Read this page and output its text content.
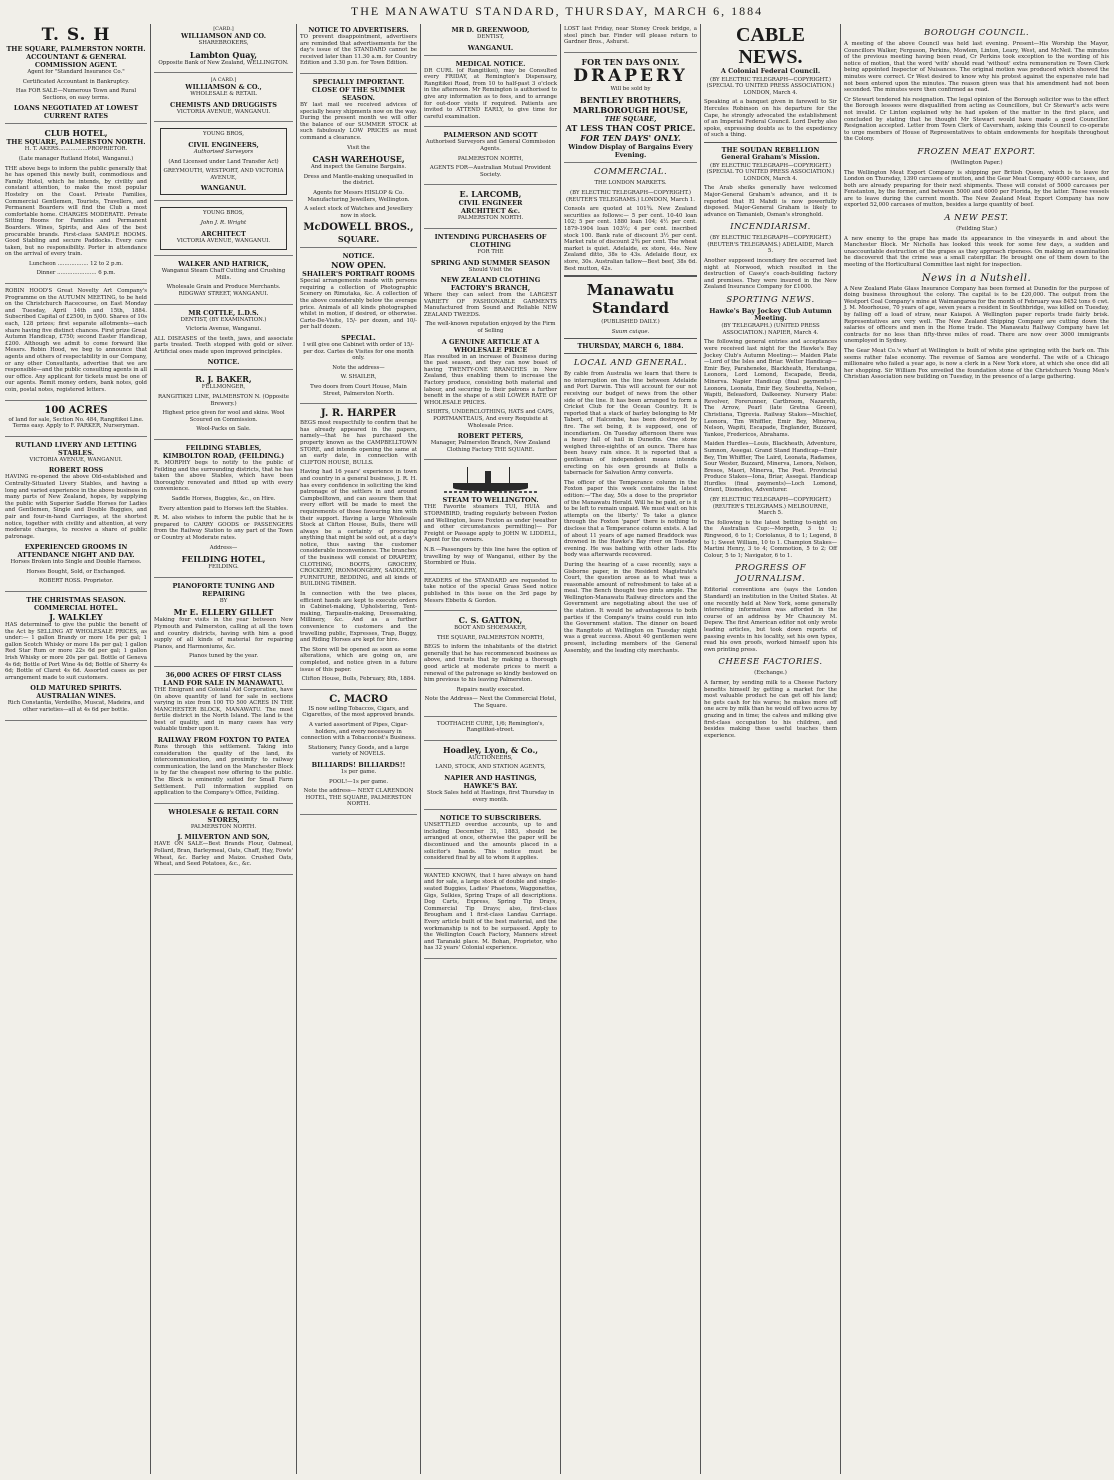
THE MANAWATU STANDARD, THURSDAY, MARCH 6, 1884
T. S. H
THE SQUARE, PALMERSTON NORTH.
ACCOUNTANT & GENERAL COMMISSION AGENT.
Agent for "Standard Insurance Co."
Certificated Accountant in Bankruptcy.
Has FOR SALE—Numerous Town and Rural Sections, on easy terms.
LOANS NEGOTIATED AT LOWEST CURRENT RATES
CLUB HOTEL,
THE SQUARE, PALMERSTON NORTH.
H. T. AKERS.................PROPRIETOR.
(Late manager Rutland Hotel, Wanganui.)
THE above begs to inform the public generally that he has opened this newly built, commodious and Family Hotel, which he intends, by civility and constant attention, to make the most popular Hostelry on the Coast. Private Families, Commercial Gentlemen, Tourists, Travellers, and Permanent Boarders will find the Club a most comfortable home. CHARGES MODERATE. Private Sitting Rooms for Families and Permanent Boarders. Wines, Spirits, and Ales of the best procurable brands. First-class SAMPLE ROOMS. Good Stabling and secure Paddocks. Every care taken, but no responsibility. Porter in attendance on the arrival of every train.
Luncheon .................. 12 to 2 p.m.
Dinner ....................... 6 p.m.
ROBIN HOOD'S Great Novelty Art Company's Programme on the AUTUMN MEETING, to be held on the Christchurch Racecourse, on East Monday and Tuesday, April 14th and 15th, 1884. Subscribed Capital of £2500, in 5/00. Shares of 10s each, 128 prizes; first separate allotments—each share having five distinct chances. First prize Great Autumn Handicap, £750; second Easter Handicap, £200. Although we admit to come forward like Messrs. Robin Hood, we beg to announce that agents and others of respectability in our Company, or any other Consultants, advertise that we are responsible—and the public consulting agents in all our office. Any applicant for tickets must be one of our agents. Remit money orders, bank notes, gold coin, postal notes, registered letters.
100 ACRES
of land for sale, Section No. 484, Rangitikei Line. Terms easy. Apply to F. PARKER, Nurseryman.
RUTLAND LIVERY AND LETTING STABLES.
VICTORIA AVENUE, WANGANUI.
ROBERT ROSS
HAVING re-opened the above Old-established and Centrally-Situated Livery Stables, and having a long and varied experience in the above business in many parts of New Zealand, hopes, by supplying the public with Superior Saddle Horses for Ladies and Gentlemen, Single and Double Buggies, and pair and four-in-hand Carriages, at the shortest notice, together with civility and attention, at very moderate charges, to receive a share of public patronage.
EXPERIENCED GROOMS IN ATTENDANCE NIGHT AND DAY.
Horses Broken into Single and Double Harness.
Horses Bought, Sold, or Exchanged.
ROBERT ROSS. Proprietor.
THE CHRISTMAS SEASON.
COMMERCIAL HOTEL.
J. WALKLEY
HAS determined to give the public the benefit of the Act by SELLING AT WHOLESALE PRICES, as under:— 1 gallon Brandy or more 16s per gal; 1 gallon Scotch Whisky or more 18s per gal; 1 gallon Red Star Rum or more 22s 6d per gal; 1 gallon Irish Whisky or more 20s per gal. Bottle of Geneva 4s 6d; Bottle of Port Wine 4s 6d; Bottle of Sherry 4s 6d; Bottle of Claret 4s 6d. Assorted cases as per arrangement made to suit customers.
OLD MATURED SPIRITS.
AUSTRALIAN WINES.
Rich Constantia, Verdeilho, Muscat, Madeira, and other varieties—all at 4s 6d per bottle.
[CARD.]
WILLIAMSON AND CO.
SHAREBROKERS,
Lambton Quay,
Opposite Bank of New Zealand, WELLINGTON.
[A CARD.]
WILLIAMSON & CO.,
WHOLESALE & RETAIL
CHEMISTS AND DRUGGISTS
VICTORIA AVENUE, WANGANUI.
YOUNG BROS,
CIVIL ENGINEERS,
Authorised Surveyors
(And Licensed under Land Transfer Act)
GREYMOUTH, WESTPORT, AND VICTORIA AVENUE,
WANGANUI.
YOUNG BROS,
John J. R. Wright
ARCHITECT
VICTORIA AVENUE, WANGANUI.
WALKER AND HATRICK,
Wanganui Steam Chaff Cutting and Crushing Mills.
Wholesale Grain and Produce Merchants. RIDGWAY STREET, WANGANUI.
MR COTTLE, L.D.S.
DENTIST, (BY EXAMINATION.)
Victoria Avenue, Wanganui.
ALL DISEASES of the teeth, jaws, and associate parts treated. Teeth stopped with gold or silver. Artificial ones made upon improved principles.
NOTICE.
R. J. BAKER,
FELLMONGER,
RANGITIKEI LINE, PALMERSTON N. (Opposite Brewery.)
Highest price given for wool and skins. Wool Scoured on Commission.
Wool-Packs on Sale.
FEILDING STABLES,
KIMBOLTON ROAD, (FEILDING.)
R. MORPHY begs to notify to the public of Feilding and the surrounding districts, that he has taken the above Stables, which have been thoroughly renovated and fitted up with every convenience.
Saddle Horses, Buggies, &c., on Hire.
Every attention paid to Horses left the Stables.
R. M. also wishes to inform the public that he is prepared to CARRY GOODS or PASSENGERS from the Railway Station to any part of the Town or Country at Moderate rates.
Address—
FEILDING HOTEL,
FEILDING.
PIANOFORTE TUNING AND REPAIRING
BY
Mr E. ELLERY GILLET
Making four visits in the year between New Plymouth and Palmerston, calling at all the town and country districts, having with him a good supply of all kinds of material for repairing Pianos, and Harmoniums, &c.
Pianos tuned by the year.
36,000 ACRES OF FIRST CLASS LAND FOR SALE IN MANAWATU.
THE Emigrant and Colonial Aid Corporation, have (in above quantity of land for sale in sections varying in size from 100 TO 500 ACRES IN THE MANCHESTER BLOCK, MANAWATU. The most fertile district in the North Island. The land is the best of quality, and in many cases has very valuable timber upon it.
RAILWAY FROM FOXTON TO PATEA
Runs through this settlement. Taking into consideration the quality of the land, its intercommunication, and proximity to railway communication, the land on the Manchester Block is by far the cheapest now offering to the public. The Block is eminently suited for Small Farm Settlement. Full information supplied on application to the Company's Office, Feilding.
WHOLESALE & RETAIL CORN STORES,
PALMERSTON NORTH.
J. MILVERTON AND SON,
HAVE ON SALE—Best Brands Flour, Oatmeal, Pollard, Bran, Barleymeal, Oats, Chaff, Hay, Fowls' Wheat, &c. Barley and Maize. Crushed Oats, Wheat, and Seed Potatoes, &c., &c.
NOTICE TO ADVERTISERS.
TO prevent disappointment, advertisers are reminded that advertisements for the day's issue of the STANDARD cannot be received later than 11.30 a.m. for Country Edition and 3.30 p.m. for Town Edition.
SPECIALLY IMPORTANT.
CLOSE OF THE SUMMER SEASON.
BY last mail we received advices of specially heavy shipments now on the way. During the present month we will offer the balance of our SUMMER STOCK at such fabulously LOW PRICES as must command a clearance.
Visit the
CASH WAREHOUSE,
And inspect the Genuine Bargains.
Dress and Mantle-making unequalled in the district.
Agents for Messrs HISLOP & Co. Manufacturing Jewellers, Wellington.
A select stock of Watches and Jewellery now in stock.
McDOWELL BROS.,
SQUARE.
NOTICE.
NOW OPEN.
SHAILER'S PORTRAIT ROOMS
Special arrangements made with persons requiring a collection of Photographic Scenery on Rimutaka, &c. A collection of the above considerably below the average price. Animals of all kinds photographed whilst in motion, if desired, or otherwise. Carte-De-Visite, 15/- per dozen, and 10/- per half dozen.
SPECIAL.
I will give one Cabinet with order of 15/- per doz. Cartes de Visites for one month only.
Note the address—
W. SHAILER,
Two doors from Court House, Main Street, Palmerston North.
J. R. HARPER
BEGS most respectfully to confirm that he has already appeared in the papers, namely—that he has purchased the property known as the CAMPBELLTOWN STORE, and intends opening the same at an early date, in connection with CLIFTON HOUSE, BULLS.
Having had 16 years' experience in town and country in a general business, J. R. H. has every confidence in soliciting the kind patronage of the settlers in and around Campbelltown, and can assure them that every effort will be made to meet the requirements of those favouring him with their support. Having a large Wholesale Stock at Clifton House, Bulls, there will always be a certainty of procuring anything that might be sold out, at a day's notice, thus saving the customer considerable inconvenience. The branches of the business will consist of DRAPERY, CLOTHING, BOOTS, GROCERY, CROCKERY, IRONMONGERY, SADDLERY, FURNITURE, BEDDING, and all kinds of BUILDING TIMBER.
In connection with the two places, efficient hands are kept to execute orders in Cabinet-making, Upholstering, Tent-making, Tarpaulin-making, Dressmaking, Millinery, &c. And as a further convenience to customers and the travelling public, Expresses, Trap, Buggy, and Riding Horses are kept for hire.
The Store will be opened as soon as some alterations, which are going on, are completed, and notice given in a future issue of this paper.
Clifton House, Bulls, February, 8th, 1884.
C. MACRO
IS now selling Tobaccos, Cigars, and Cigarettes, of the most approved brands.
A varied assortment of Pipes, Cigar-holders, and every necessary in connection with a Tobacconist's Business.
Stationery, Fancy Goods, and a large variety of NOVELS.
BILLIARDS! BILLIARDS!!
1s per game.
POOL!—1s per game.
Note the address— NEXT CLARENDON HOTEL, THE SQUARE, PALMERSTON NORTH.
MR D. GREENWOOD,
DENTIST,
WANGANUI.
MEDICAL NOTICE.
DR CURL (of Rangitikei), may be Consulted every FRIDAY, at Remington's Dispensary, Rangitikei Road, from 10 to half-past 3 o'clock in the afternoon. Mr Remington is authorised to give any information as to fees, and to arrange for out-door visits if required. Patients are invited to ATTEND EARLY, to give time for careful examination.
PALMERSON AND SCOTT
Authorised Surveyors and General Commission Agents.
PALMERSTON NORTH,
AGENTS FOR—Australian Mutual Provident Society.
E. LARCOMB,
CIVIL ENGINEER
ARCHITECT &c.
PALMERSTON NORTH.
INTENDING PURCHASERS OF CLOTHING
FOR THE
SPRING AND SUMMER SEASON
Should Visit the
NEW ZEALAND CLOTHING FACTORY'S BRANCH,
Where they can select from the LARGEST VARIETY OF FASHIONABLE GARMENTS Manufactured from Sound and Reliable NEW ZEALAND TWEEDS.
The well-known reputation enjoyed by the Firm of Selling
A GENUINE ARTICLE AT A WHOLESALE PRICE
Has resulted in an increase of Business during the past season, and they can now boast of having TWENTY-ONE BRANCHES in New Zealand, thus enabling them to increase the Factory produce, consisting both material and labour, and securing to their patrons a further benefit in the shape of a still LOWER RATE OF WHOLESALE PRICES.
SHIRTS, UNDERCLOTHING, HATS and CAPS, PORTMANTEAUS, And every Requisite at Wholesale Price.
ROBERT PETERS,
Manager, Palmerston Branch, New Zealand Clothing Factory THE SQUARE.
STEAM TO WELLINGTON.
THE Favorite steamers TUI, HUIA and STORMBIRD, trading regularly between Foxton and Wellington, leave Foxton as under (weather and other circumstances permitting)— For Freight or Passage apply to JOHN W. LIDDELL, Agent for the owners.
N.B.—Passengers by this line have the option of travelling by way of Wanganui, either by the Stormbird or Huia.
READERS of the STANDARD are requested to take notice of the special Grass Seed notice published in this issue on the 3rd page by Messrs Ebbetts & Gordon.
C. S. GATTON,
BOOT AND SHOEMAKER,
THE SQUARE, PALMERSTON NORTH,
BEGS to inform the inhabitants of the district generally that he has recommenced business as above, and trusts that by making a thorough good article at moderate prices to merit a renewal of the patronage so kindly bestowed on him previous to his leaving Palmerston.
Repairs neatly executed.
Note the Address— Next the Commercial Hotel, The Square.
TOOTHACHE CURE, 1/6; Remington's, Rangitikei-street.
Hoadley, Lyon, & Co.,
AUCTIONEERS,
LAND, STOCK, AND STATION AGENTS,
NAPIER AND HASTINGS,
HAWKE'S BAY.
Stock Sales held at Hastings, first Thursday in every month.
NOTICE TO SUBSCRIBERS.
UNSETTLED overdue accounts, up to and including December 31, 1883, should be arranged at once, otherwise the paper will be discontinued and the amounts placed in a solicitor's hands. This notice must be considered final by all to whom it applies.
WANTED KNOWN, that I have always on hand and for sale, a large stock of double and single-seated Buggies, Ladies' Phaetons, Waggonettes, Gigs, Sulkies, Spring Traps of all descriptions. Dog Carts, Express, Spring Tip Drays, Commercial Tip Drays; also, first-class Brougham and 1 first-class Landau Carriage. Every article built of the best material, and the workmanship is not to be surpassed. Apply to the Wellington Coach Factory, Manners street and Taranaki place. M. Bohan, Proprietor, who has 32 years' Colonial experience.
LOST last Friday, near Stoney Creek bridge, a steel pinch bar. Finder will please return to Gardner Bros., Ashurst.
FOR TEN DAYS ONLY.
DRAPERY
Will be sold by
BENTLEY BROTHERS,
MARLBOROUGH HOUSE,
THE SQUARE,
AT LESS THAN COST PRICE.
FOR TEN DAYS' ONLY.
Window Display of Bargains Every Evening.
COMMERCIAL.
THE LONDON MARKETS.
(BY ELECTRIC TELEGRAPH—COPYRIGHT.) (REUTER'S TELEGRAMS.) LONDON, March 1.
Consols are quoted at 101¾. New Zealand securities as follows:— 5 per cent. 10-40 loan 102; 5 per cent. 1880 loan 104; 4½ per cent. 1879-1904 loan 103½; 4 per cent. inscribed stock 100. Bank rate of discount 3½ per cent. Market rate of discount 2¾ per cent. The wheat market is quiet. Adelaide, ex store, 44s. New Zealand ditto, 38s to 43s. Adelaide flour, ex store, 30s. Australian tallow—Best beef, 38s 6d. Best mutton, 42s.
Manawatu Standard
(PUBLISHED DAILY.)
Suum cuique.
THURSDAY, MARCH 6, 1884.
LOCAL AND GENERAL.
By cable from Australia we learn that there is no interruption on the line between Adelaide and Port Darwin. This will account for our not receiving our budget of news from the other side of the line. It has been arranged to form a Cricket Club for the Ocean Country. It is reported that a stack of barley belonging to Mr Tabert, of Halcombe, has been destroyed by fire. The set being, it is supposed, one of incendiarism. On Tuesday afternoon there was a heavy fall of hail in Dunedin. One stone weighed three-eighths of an ounce. There has been heavy rain since. It is reported that a gentleman of independent means intends erecting on his own grounds at Bulls a tabernacle for Salvation Army converts.
The officer of the Temperance column in the Foxton paper this week contains the latest edition:—'The day, 50s a dose to the proprietor of the Manawatu Herald. Will he be paid, or is it to be left to remain unpaid. We must wait on his attempts on the liberty.' To take a glance through the Foxton 'paper' there is nothing to disclose that a Temperance column exists. A lad of about 11 years of age named Braddock was drowned in the Hawke's Bay river on Tuesday evening. He was bathing with other lads. His body was afterwards recovered.
During the hearing of a case recently, says a Gisborne paper, in the Resident Magistrate's Court, the question arose as to what was a reasonable amount of refreshment to take at a meal. The Bench thought two pints ample. The Wellington-Manawatu Railway directors and the Government are negotiating about the use of the station. It would be advantageous to both parties if the Company's trains could run into the Government station. The dinner on board the Rangitoto at Wellington on Tuesday night was a great success. About 40 gentlemen were present, including members of the General Assembly, and the leading city merchants.
CABLE NEWS.
A Colonial Federal Council.
(BY ELECTRIC TELEGRAPH—COPYRIGHT.) (SPECIAL TO UNITED PRESS ASSOCIATION.) LONDON, March 4.
Speaking at a banquet given in farewell to Sir Hercules Robinson on his departure for the Cape, he strongly advocated the establishment of an Imperial Federal Council. Lord Derby also spoke, expressing doubts as to the expediency of such a thing.
THE SOUDAN REBELLION
General Graham's Mission.
(BY ELECTRIC TELEGRAPH—COPYRIGHT.) (SPECIAL TO UNITED PRESS ASSOCIATION.) LONDON, March 4.
The Arab sheiks generally have welcomed Major-General Graham's advance, and it is reported that El Mahdi is now powerfully disposed. Major-General Graham is likely to advance on Tamanieb, Osman's stronghold.
INCENDIARISM.
(BY ELECTRIC TELEGRAPH—COPYRIGHT.) (REUTER'S TELEGRAMS.) ADELAIDE, March 5.
Another supposed incendiary fire occurred last night at Norwood, which resulted in the destruction of Casey's coach-building factory and premises. They were insured in the New Zealand Insurance Company for £1000.
SPORTING NEWS.
Hawke's Bay Jockey Club Autumn Meeting.
(BY TELEGRAPH.) (UNITED PRESS ASSOCIATION.) NAPIER, March 4.
The following general entries and acceptances were received last night for the Hawke's Bay Jockey Club's Autumn Meeting:— Maiden Plate—Lord of the Isles and Briar. Welter Handicap—Emir Bey, Paraheneke, Blackheath, Heratanga, Leonora, Lord Lomond, Escapade, Breda, Minerva. Napier Handicap (final payments)—Leonora, Leonata, Emir Bey, Soubretta, Nelson, Wapiti, Beleasford, Dalkeeney. Nursery Plate: Revolver, Forerunner, Cartbroom, Nazareth, The Arrow, Pearl (late Gretna Green), Christiana, Tigrevia. Railway Stakes—Mischief, Leonora, Tim Whiffler, Emir Bey, Minerva, Nelson, Wapiti, Escapade, Englander, Buzzard, Yankee, Fredericos, Abrahams.
Maiden Hurdles—Louis, Blackheath, Adventure, Sumnon, Assegai. Grand Stand Handicap—Emir Bey, Tim Whiffler, The Laird, Leonata, Radames, Sour Wester, Buzzard, Minerva, Lenora, Nelson, Bresos, Maori, Minerva, The Poet. Provincial Produce Stakes—Iona, Briar, Assegai. Handicap Hurdles (final payments)—Loch Lomond, Orient, Diomedes, Adventurer.
(BY ELECTRIC TELEGRAPH—COPYRIGHT.) (REUTER'S TELEGRAMS.) MELBOURNE, March 5.
The following is the latest betting to-night on the Australian Cup:—Morpeth, 3 to 1; Ringwood, 6 to 1; Coriolanus, 8 to 1; Legend, 8 to 1; Sweet William, 10 to 1. Champion Stakes—Martini Henry, 3 to 4; Commotion, 5 to 2; Off Colour, 5 to 1; Navigator, 6 to 1.
PROGRESS OF JOURNALISM.
Editorial conventions are (says the London Standard) an institution in the United States. At one recently held at New York, some generally interesting information was afforded in the course of an address by Mr Chauncey M. Depew. The first American editor not only wrote leading articles, but took down reports of passing events in his locality, set his own types, read his own proofs, worked himself upon his own printing press.
CHEESE FACTORIES.
(Exchange.)
A farmer, by sending milk to a Cheese Factory benefits himself by getting a market for the most valuable product he can get off his land; he gets cash for his wares; he makes more off one acre by milk than he would off two acres by grazing and in time; the calves and milking give first-class occupation to his children, and besides making these useful teaches them experience.
BOROUGH COUNCIL.
A meeting of the above Council was held last evening. Present—His Worship the Mayor, Councillors Walker, Ferguson, Perkins, Mowlem, Linton, Leary, West, and McNeil. The minutes of the previous meeting having been read, Cr Perkins took exception to the wording of his notice of motion, that the word 'with' should read 'without' extra remuneration re Town Clerk being appointed Inspector of Nuisances. The original motion was produced which showed the minutes were correct. Cr West desired to know why his protest against the expensive rate had not been entered upon the minutes. The reason given was that his amendment had not been seconded. The minutes were then confirmed as read.
Cr Stewart tendered his resignation. The legal opinion of the Borough solicitor was to the effect the Borough lessees were disqualified from acting as Councillors, but Cr Stewart's acts were not invalid. Cr Linton explained why he had spoken of the matter in the first place, and concluded by stating that he thought Mr Stewart would have made a good Councillor. Resignation accepted. Letter from Town Clerk of Caversham, asking this Council to co-operate to urge members of House of Representatives to obtain endowments for hospitals throughout the Colony.
FROZEN MEAT EXPORT.
(Wellington Paper.)
The Wellington Meat Export Company is shipping per British Queen, which is to leave for London on Thursday, 1390 carcases of mutton, and the Gear Meat Company 4000 carcases, and both are already preparing for their next shipments. These will consist of 5000 carcases per Fenstanton, by the former, and between 5000 and 6000 per Florida, by the latter. These vessels are to leave during the current month. The New Zealand Meat Export Company has now exported 52,000 carcases of mutton, besides a large quantity of beef.
A NEW PEST.
(Feilding Star.)
A new enemy to the grape has made its appearance in the vineyards in and about the Manchester Block. Mr Nicholls has looked this week for some few days, a sudden and unaccountable destruction of the grapes as they approach ripeness. On making an examination he discovered that the crime was a small caterpillar. He brought one of them down to the meeting of the Horticultural Committee last night for inspection.
News in a Nutshell.
A New Zealand Plate Glass Insurance Company has been formed at Dunedin for the purpose of doing business throughout the colony. The capital is to be £20,000. The output from the Westport Coal Company's mine at Waimangaroa for the month of February was 8452 tons 6 cwt. J. M. Moorhouse, 70 years of age, seven years a resident in Southbridge, was killed on Tuesday, by falling off a load of straw, near Kaiapoi. A Wellington paper reports trade fairly brisk. Representatives are very well. The New Zealand Shipping Company are cutting down the salaries of officers and men in the Home trade. The Manawatu Railway Company have let contracts for no less than fifty-three miles of road. There are now over 3000 immigrants unemployed in Sydney.
The Gear Meat Co.'s wharf at Wellington is built of white pine springing with the bark on. This seems rather false economy. The revenue of Samoa are wonderful. The wife of a Chicago millionaire who failed a year ago, is now a clerk in a New York store, at which she once did all her shopping. Sir William Fox unveiled the foundation stone of the Christchurch Young Men's Christian Association new building on Tuesday, in the presence of a large gathering.
